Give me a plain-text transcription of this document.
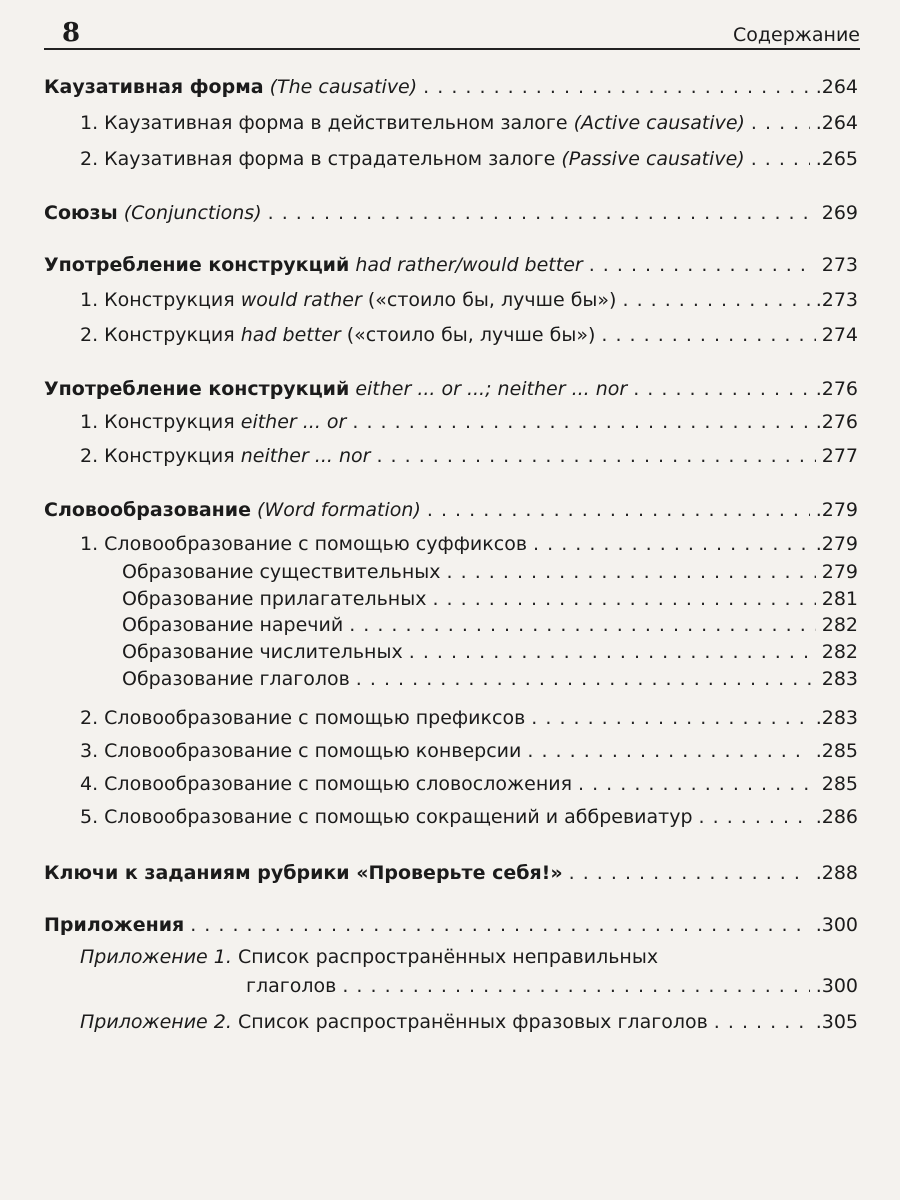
8	Содержание
Каузативная форма (The causative) . . .	.264
1. Каузативная форма в действительном залоге (Active causative) . . .	.264
2. Каузативная форма в страдательном залоге (Passive causative) . . .	.265
Союзы (Conjunctions) . . .	269
Употребление конструкций had rather/would better . . .	273
1. Конструкция would rather («стоило бы, лучше бы») . . .	.273
2. Конструкция had better («стоило бы, лучше бы») . . .	274
Употребление конструкций either ... or ...; neither ... nor . . .	.276
1. Конструкция either ... or . . .	.276
2. Конструкция neither ... nor . . .	277
Словообразование (Word formation) . . .	.279
1. Словообразование с помощью суффиксов . . .	.279
Образование существительных . . .	279
Образование прилагательных . . .	281
Образование наречий . . .	282
Образование числительных . . .	282
Образование глаголов . . .	283
2. Словообразование с помощью префиксов . . .	.283
3. Словообразование с помощью конверсии . . .	.285
4. Словообразование с помощью словосложения . . .	285
5. Словообразование с помощью сокращений и аббревиатур . . .	.286
Ключи к заданиям рубрики «Проверьте себя!» . . .	.288
Приложения . . .	.300
Приложение 1. Список распространённых неправильных
глаголов . . .	.300
Приложение 2. Список распространённых фразовых глаголов . . .	.305
